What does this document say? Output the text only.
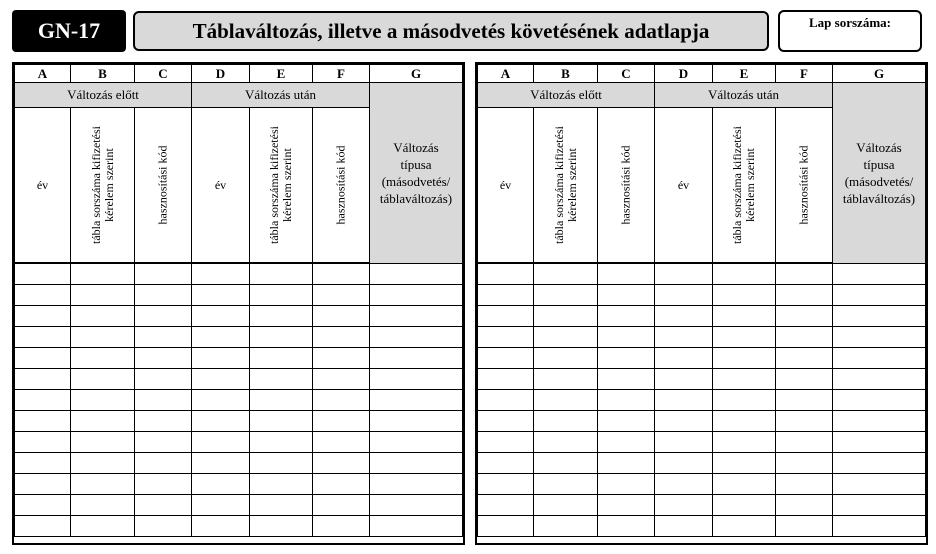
GN-17	Táblaváltozás, illetve a másodvetés követésének adatlapja	Lap sorszáma:
A	B	C	D	E	F	G
Változás előtt			Változás után			Változás
típusa
(másodvetés/
táblaváltozás)

év	tábla sorszáma kifizetési kérelem szerint	hasznosítási kód	év	tábla sorszáma kifizetési kérelem szerint	hasznosítási kód	

A	B	C	D	E	F	G
Változás előtt			Változás után			Változás
típusa
(másodvetés/
táblaváltozás)

év	tábla sorszáma kifizetési kérelem szerint	hasznosítási kód	év	tábla sorszáma kifizetési kérelem szerint	hasznosítási kód	
